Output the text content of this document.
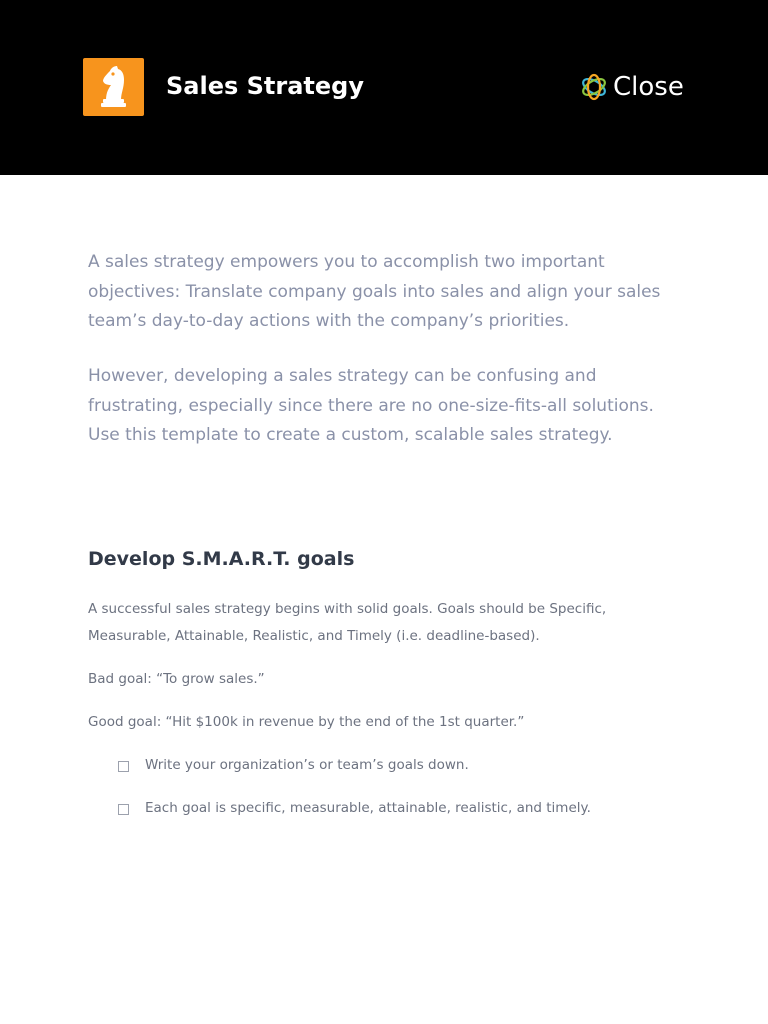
Sales Strategy	Close

A sales strategy empowers you to accomplish two important objectives: Translate company goals into sales and align your sales team’s day-to-day actions with the company’s priorities.

However, developing a sales strategy can be confusing and frustrating, especially since there are no one-size-fits-all solutions. Use this template to create a custom, scalable sales strategy.

Develop S.M.A.R.T. goals

A successful sales strategy begins with solid goals. Goals should be Specific, Measurable, Attainable, Realistic, and Timely (i.e. deadline-based).

Bad goal: “To grow sales.”

Good goal: “Hit $100k in revenue by the end of the 1st quarter.”

Write your organization’s or team’s goals down.
Each goal is specific, measurable, attainable, realistic, and timely.
